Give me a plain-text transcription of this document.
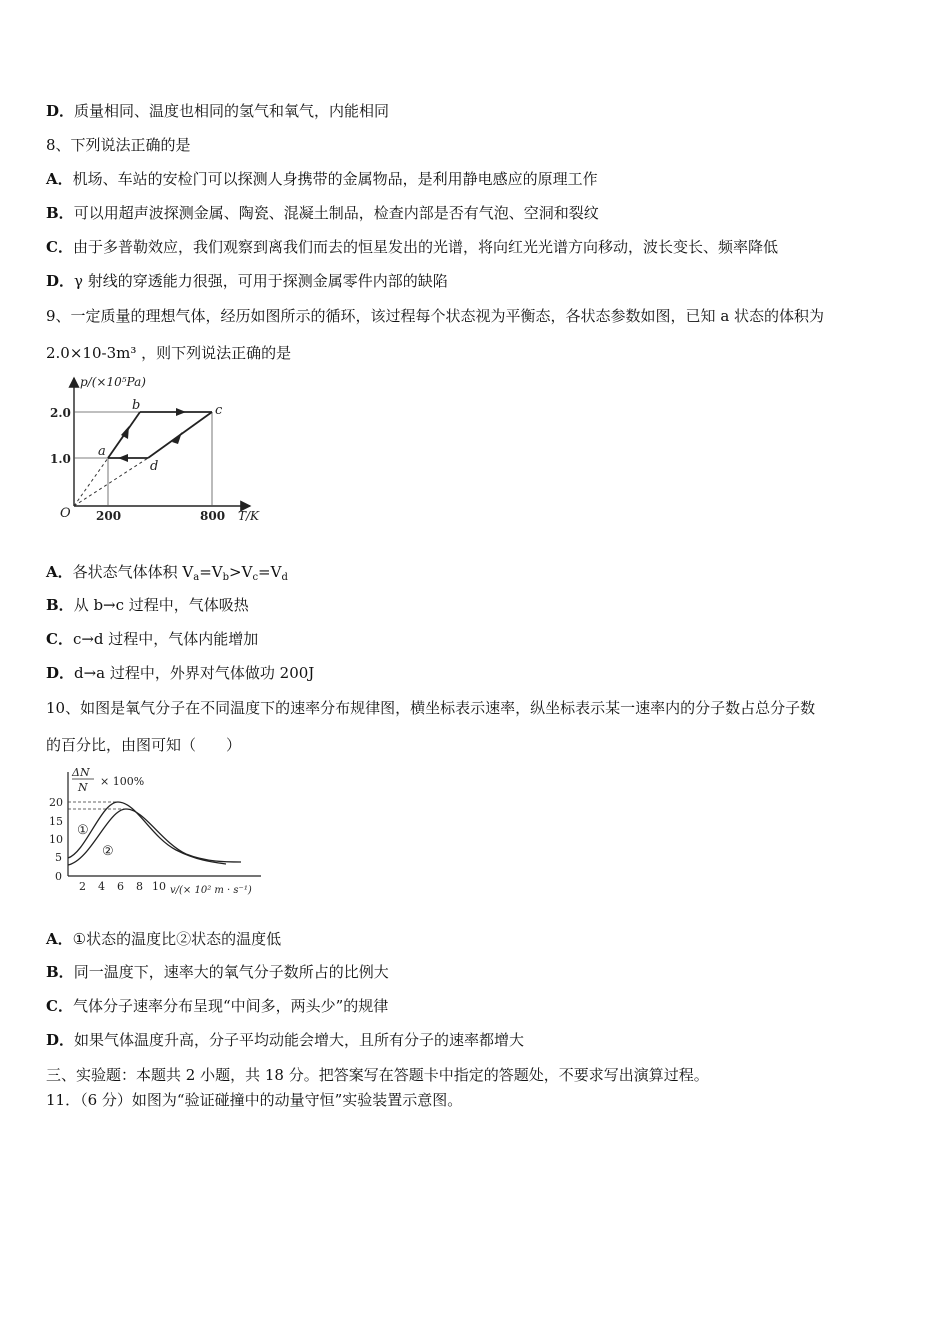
D．质量相同、温度也相同的氢气和氧气，内能相同
8、下列说法正确的是
A．机场、车站的安检门可以探测人身携带的金属物品，是利用静电感应的原理工作
B．可以用超声波探测金属、陶瓷、混凝土制品，检查内部是否有气泡、空洞和裂纹
C．由于多普勒效应，我们观察到离我们而去的恒星发出的光谱，将向红光光谱方向移动，波长变长、频率降低
D．γ 射线的穿透能力很强，可用于探测金属零件内部的缺陷
9、一定质量的理想气体，经历如图所示的循环，该过程每个状态视为平衡态，各状态参数如图，已知 a 状态的体积为
2.0×10-3m³ ，则下列说法正确的是
p/(×10⁵Pa)
T/K
O
2.0
1.0
200	800
a
b	c
d
A．各状态气体体积 $V_a=V_b>V_c=V_d$
B．从 b→c 过程中，气体吸热
C．c→d 过程中，气体内能增加
D．d→a 过程中，外界对气体做功 200J
10、如图是氧气分子在不同温度下的速率分布规律图，横坐标表示速率，纵坐标表示某一速率内的分子数占总分子数
的百分比，由图可知（　　）
ΔN
N × 100%
20
15
10
5
0
2 4 6 8 10 v/(× 10² m · s⁻¹)
①
②
A．①状态的温度比②状态的温度低
B．同一温度下，速率大的氧气分子数所占的比例大
C．气体分子速率分布呈现“中间多，两头少”的规律
D．如果气体温度升高，分子平均动能会增大，且所有分子的速率都增大
三、实验题：本题共 2 小题，共 18 分。把答案写在答题卡中指定的答题处，不要求写出演算过程。
11．（6 分）如图为“验证碰撞中的动量守恒”实验装置示意图。
